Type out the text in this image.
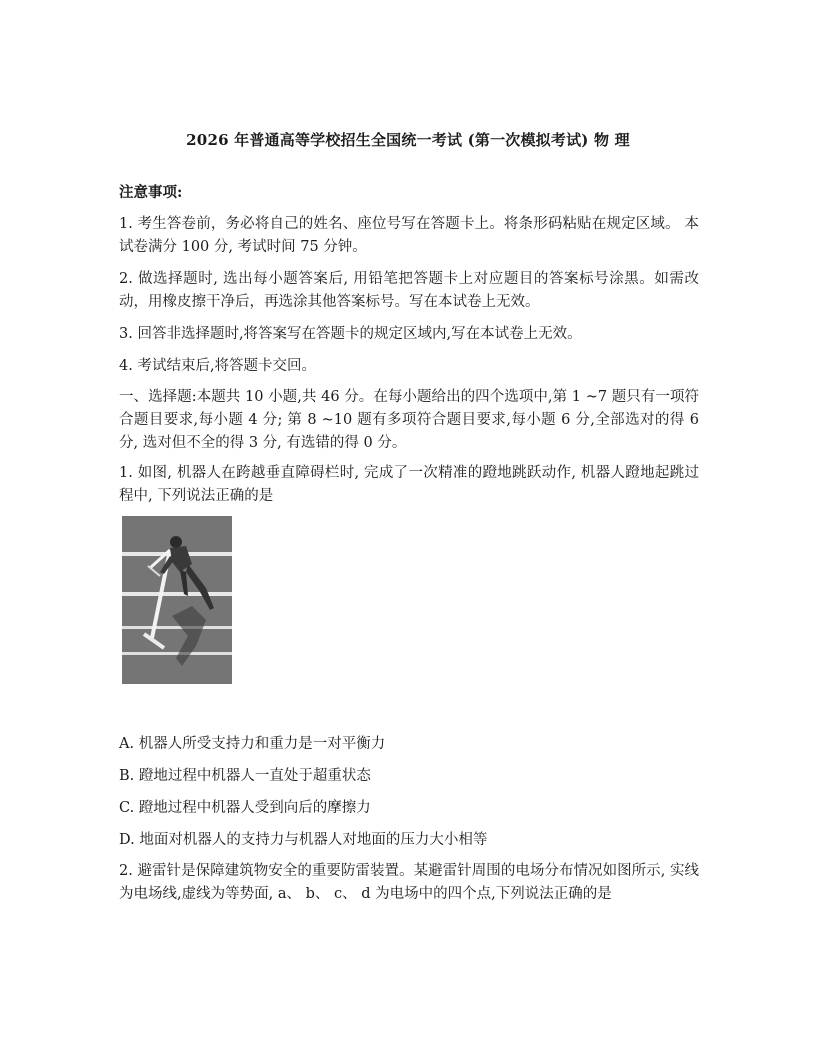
2026 年普通高等学校招生全国统一考试 (第一次模拟考试) 物 理
注意事项:
1. 考生答卷前，务必将自己的姓名、座位号写在答题卡上。将条形码粘贴在规定区域。 本试卷满分 100 分, 考试时间 75 分钟。
2. 做选择题时, 选出每小题答案后, 用铅笔把答题卡上对应题目的答案标号涂黑。如需改动，用橡皮擦干净后，再选涂其他答案标号。写在本试卷上无效。
3. 回答非选择题时,将答案写在答题卡的规定区域内,写在本试卷上无效。
4. 考试结束后,将答题卡交回。
一、选择题:本题共 10 小题,共 46 分。在每小题给出的四个选项中,第 1 ~7 题只有一项符合题目要求,每小题 4 分; 第 8 ~10 题有多项符合题目要求,每小题 6 分,全部选对的得 6 分, 选对但不全的得 3 分, 有选错的得 0 分。
1. 如图, 机器人在跨越垂直障碍栏时, 完成了一次精准的蹬地跳跃动作, 机器人蹬地起跳过程中, 下列说法正确的是
A. 机器人所受支持力和重力是一对平衡力
B. 蹬地过程中机器人一直处于超重状态
C. 蹬地过程中机器人受到向后的摩擦力
D. 地面对机器人的支持力与机器人对地面的压力大小相等
2. 避雷针是保障建筑物安全的重要防雷装置。某避雷针周围的电场分布情况如图所示, 实线 为电场线,虚线为等势面, a、 b、 c、 d 为电场中的四个点,下列说法正确的是
